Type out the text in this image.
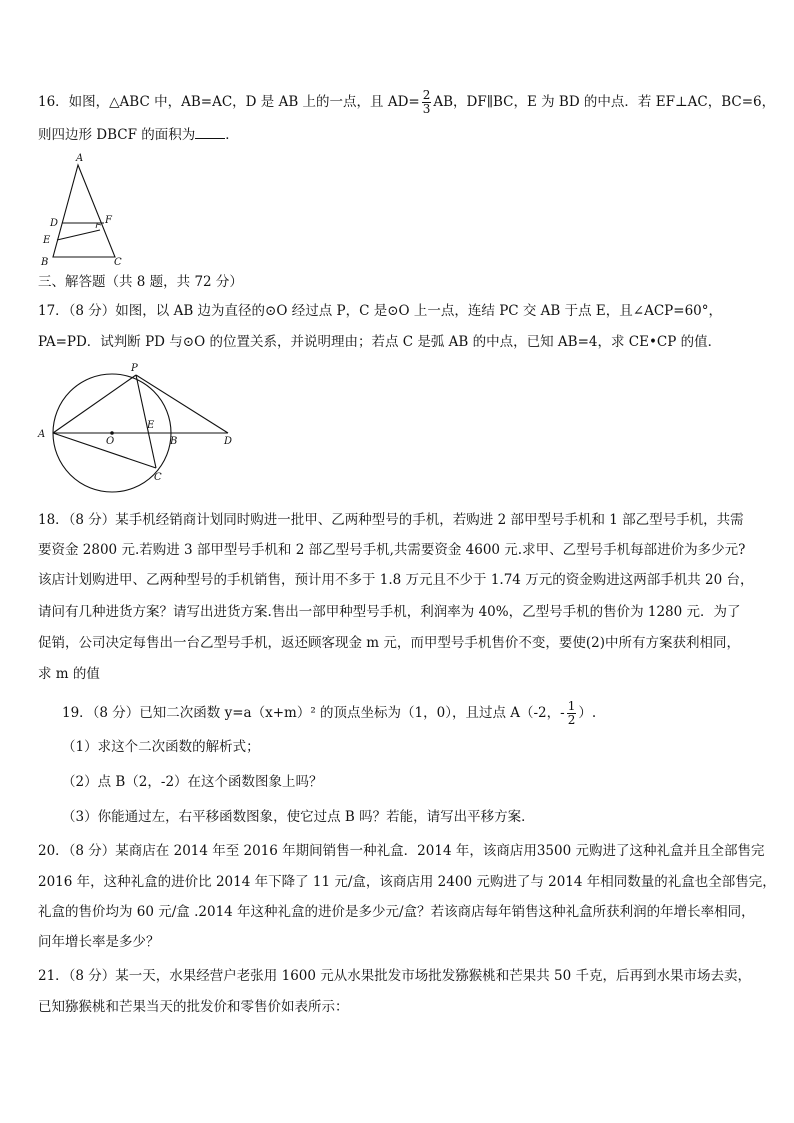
16．如图，△ABC 中，AB=AC，D 是 AB 上的一点，且 $AD= \frac{2}{3}$ AB，DF∥BC，E 为 BD 的中点．若 EF⊥AC，BC=6，
则四边形 DBCF 的面积为 ．
A
D	F
E
B	C
三、解答题（共 8 题，共 72 分）
17．（8 分）如图，以 AB 边为直径的⊙O 经过点 P，C 是⊙O 上一点，连结 PC 交 AB 于点 E，且∠ACP=60°，
PA=PD．试判断 PD 与⊙O 的位置关系，并说明理由；若点 C 是弧 AB 的中点，已知 AB=4，求 CE•CP 的值．
P
A
O
E
B	D
C
18．（8 分）某手机经销商计划同时购进一批甲、乙两种型号的手机，若购进 2 部甲型号手机和 1 部乙型号手机，共需
要资金 2800 元.若购进 3 部甲型号手机和 2 部乙型号手机,共需要资金 4600 元.求甲、乙型号手机每部进价为多少元?
该店计划购进甲、乙两种型号的手机销售，预计用不多于 1.8 万元且不少于 1.74 万元的资金购进这两部手机共 20 台，
请问有几种进货方案？请写出进货方案.售出一部甲种型号手机，利润率为 40%，乙型号手机的售价为 1280 元．为了
促销，公司决定每售出一台乙型号手机，返还顾客现金 m 元，而甲型号手机售价不变，要使(2)中所有方案获利相同，
求 m 的值
19．（8 分）已知二次函数 y=a（x+m）² 的顶点坐标为（1，0），且过点 A（-2，- $\frac{1}{2}$ ）.
（1）求这个二次函数的解析式；
（2）点 B（2，-2）在这个函数图象上吗？
（3）你能通过左，右平移函数图象，使它过点 B 吗？若能，请写出平移方案．
20．（8 分）某商店在 2014 年至 2016 年期间销售一种礼盒．2014 年，该商店用3500 元购进了这种礼盒并且全部售完
2016 年，这种礼盒的进价比 2014 年下降了 11 元/盒，该商店用 2400 元购进了与 2014 年相同数量的礼盒也全部售完，
礼盒的售价均为 60 元/盒 .2014 年这种礼盒的进价是多少元/盒？若该商店每年销售这种礼盒所获利润的年增长率相同，
问年增长率是多少？
21．（8 分）某一天，水果经营户老张用 1600 元从水果批发市场批发猕猴桃和芒果共 50 千克，后再到水果市场去卖，
已知猕猴桃和芒果当天的批发价和零售价如表所示：
